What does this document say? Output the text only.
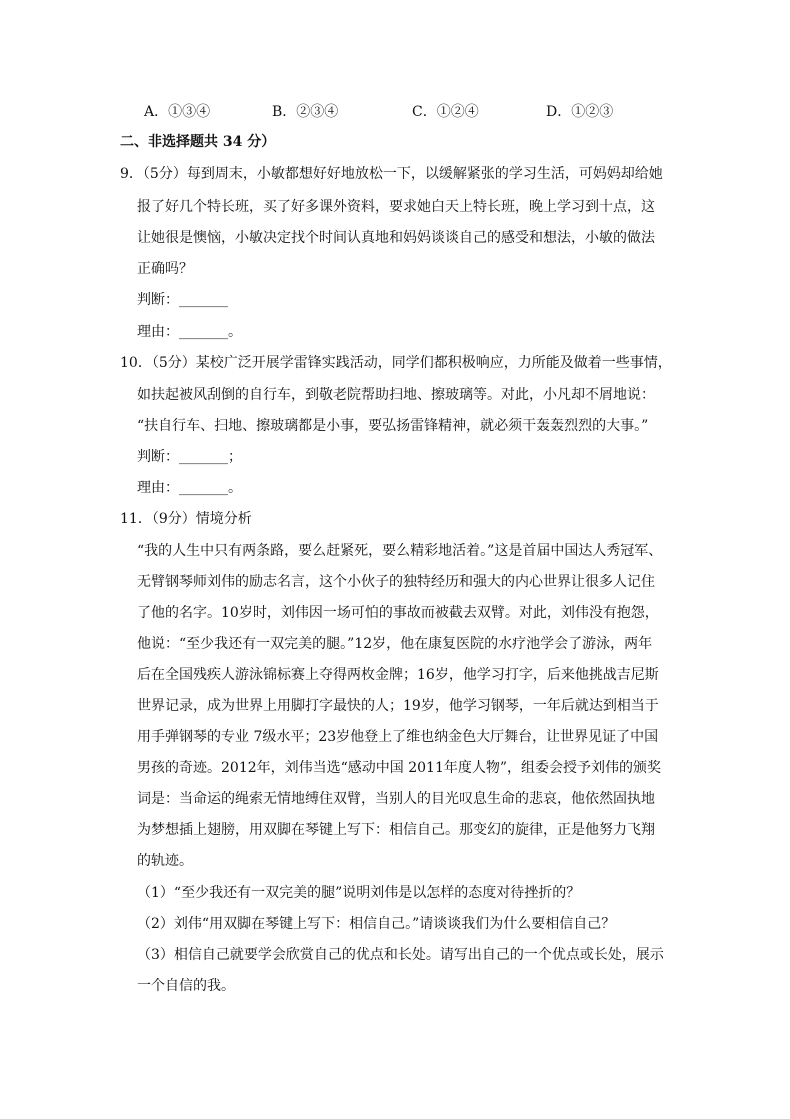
A．①③④	B．②③④	C．①②④	D．①②③
二、非选择题共 34 分）
9．（5分）每到周末，小敏都想好好地放松一下，以缓解紧张的学习生活，可妈妈却给她
报了好几个特长班，买了好多课外资料，要求她白天上特长班，晚上学习到十点，这
让她很是懊恼，小敏决定找个时间认真地和妈妈谈谈自己的感受和想法，小敏的做法
正确吗？
判断：_______
理由：_______。
10．（5分）某校广泛开展学雷锋实践活动，同学们都积极响应，力所能及做着一些事情，
如扶起被风刮倒的自行车，到敬老院帮助扫地、擦玻璃等。对此，小凡却不屑地说：
“扶自行车、扫地、擦玻璃都是小事，要弘扬雷锋精神，就必须干轰轰烈烈的大事。”
判断：_______；
理由：_______。
11．（9分）情境分析
“我的人生中只有两条路，要么赶紧死，要么精彩地活着。”这是首届中国达人秀冠军、
无臂钢琴师刘伟的励志名言，这个小伙子的独特经历和强大的内心世界让很多人记住
了他的名字。10岁时，刘伟因一场可怕的事故而被截去双臂。对此，刘伟没有抱怨，
他说：“至少我还有一双完美的腿。”12岁，他在康复医院的水疗池学会了游泳，两年
后在全国残疾人游泳锦标赛上夺得两枚金牌；16岁，他学习打字，后来他挑战吉尼斯
世界记录，成为世界上用脚打字最快的人；19岁，他学习钢琴，一年后就达到相当于
用手弹钢琴的专业 7级水平；23岁他登上了维也纳金色大厅舞台，让世界见证了中国
男孩的奇迹。2012年，刘伟当选“感动中国 2011年度人物”，组委会授予刘伟的颁奖
词是：当命运的绳索无情地缚住双臂，当别人的目光叹息生命的悲哀，他依然固执地
为梦想插上翅膀，用双脚在琴键上写下：相信自己。那变幻的旋律，正是他努力飞翔
的轨迹。
（1）“至少我还有一双完美的腿”说明刘伟是以怎样的态度对待挫折的？
（2）刘伟“用双脚在琴键上写下：相信自己。”请谈谈我们为什么要相信自己？
（3）相信自己就要学会欣赏自己的优点和长处。请写出自己的一个优点或长处，展示
一个自信的我。
